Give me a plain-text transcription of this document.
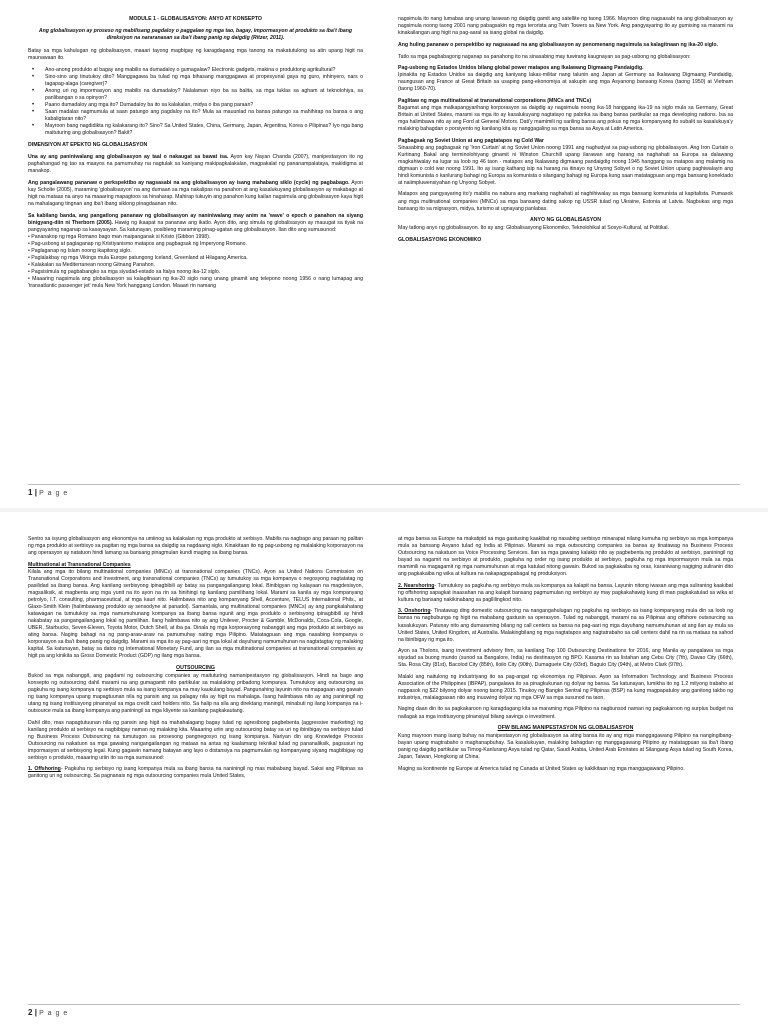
MODULE 1 - GLOBALISASYON: ANYO AT KONSEPTO

Ang globalisasyon ay proseso ng mabilisang pagdaloy o paggalaw ng mga tao, bagay, impormasyon at produkto sa iba't ibang direksiyon na nararanasan sa iba't ibang panig ng daigdig (Ritzer, 2011).

Batay sa mga kahulugan ng globalisasyon, maaari tayong magbigay ng karagdagang mga tanong na makatutulong sa atin upang higit na maunawaan ito.

• Ano-anong produkto at bagay ang mabilis na dumadaloy o gumagalaw? Electronic gadgets, makina o produktong agrikultural?
• Sino-sino ang tinutukoy dito? Manggagawa ba tulad ng mga bihasang manggagawa at propesyunal gaya ng guro, inhinyero, nars o tagapag-alaga (caregiver)?
• Anong uri ng impormasyon ang mabilis na dumadaloy? Nalalaman niyo ba sa balita, sa mga tuklas sa agham at teknolohiya, sa panlibangan o sa opinyon?
• Paano dumadaloy ang mga ito? Dumadaloy ba ito sa kalakalan, midya o iba pang paraan?
• Saan madalas nagmumula at saan patungo ang pagdaloy na ito? Mula sa mauunlad na bansa patungo sa mahihirap na bansa o ang kabaligtaran nito?
• Mayroon bang nagdidikta ng kalakarang ito? Sino? Sa United States, China, Germany, Japan, Argentina, Korea o Pilipinas? Iyo nga bang maituturing ang globalisasyon? Bakit?

DIMENSIYON AT EPEKTO NG GLOBALISASYON

Una ay ang paniniwalang ang globalisasyon ay taal o nakaugat sa bawat isa. Ayon kay Nayan Chanda (2007), manipestasyon ito ng paghahangad ng tao sa maayos na pamumuhay na nagtulak sa kaniyang makipagkalakalan, magpakalat ng pananampalataya, makidigma at manakop.

Ang pangalawang pananaw o perkspektibo ay nagsasabi na ang globalisasyon ay isang mahabang siklo (cycle) ng pagbabago. Ayon kay Scholte (2005), maraming 'globalisasyon' na ang dumaan sa mga nakalipas na panahon at ang kasalukuyang globalisasyon ay makabago at higit na mataas na anyo na maaaring mapagtoos sa hinaharap. Mahirap tukuyin ang panahon kung kailan nagsimula ang globalisasyon kaya higit na mahalagang tingnan ang iba't ibang siklong pinagdaanan nito.

Sa kabilang banda, ang pangatlong pananaw ng globalisasyon ay naniniwalang may anim na 'wave' o epoch o panahon na siyang binigyang-diin ni Therborn (2005). Hawig ng ikaapat na pananaw ang ikatlo. Ayon dito, ang simula ng globalisasyon ay mauugat sa tiyak na pangyayaring naganap sa kasaysayan. Sa katunayan, posibleng maraming pinag-ugatan ang globalisasyon. Ilan dito ang sumusunod:

• Pananakop ng mga Romano bago man maipanganak si Kristo (Gibbon 1998).
• Pag-usbong at paglaganap ng Kristiyanismo matapos ang pagbagsak ng Imperyong Romano.
• Paglaganap ng Islam noong ikapitong siglo.
• Paglalakbay ng mga Vikings mula Europe patungong Iceland, Greenland at Hilagang America.
• Kalakalan sa Mediterranean noong Gitnang Panahon.
• Pagsisimula ng pagbabangko sa mga siyudad-estado sa Italya noong ika-12 siglo.
• Maaaring nagsimula ang globalisasyon sa kalagitnaan ng ika-20 siglo nang unang ginamit ang telepono noong 1956 o nang lumapag ang 'transatlantic passenger jet' mula New York hanggang London. Maaari rin namang

nagsimula ito nang lumabas ang unang larawan ng daigdig gamit ang satellite ng taong 1966. Mayroon ding nagsasabi na ang globalisasyon ay nagsimula noong taong 2001 nang pabagsakin ng mga terorista ang Twin Towers sa New York. Ang pangyayaring ito ay gumising sa marami na kinakailangan ang higit na pag-aaral sa isang global na daigdig.

Ang huling pananaw o perspektibo ay nagsasaad na ang globalisasyon ay penomenang nagsimula sa kalagitnaan ng ika-20 siglo.

Tatlo sa mga pagbabagong naganap sa panahong ito na sinasabing may tuwirang kaugnayan sa pag-usbong ng globalisasyon:

Pag-usbong ng Estados Unidos bilang global power matapos ang Ikalawang Digmaang Pandaigdig.

Ipinakita ng Estados Unidos sa daigdig ang kaniyang lakas-militar nang talunin ang Japan at Germany sa Ikalawang Digmaang Pandaidig, naungusan ang France at Great Britain sa usaping pang-ekonomiya at sakupin ang mga Asyanong bansang Korea (taong 1950) at Vietnam (taong 1960-70).

Paglitaw ng mga multinational at transnational corporations (MNCs and TNCs)

Bagamat ang mga malkapangyarihang korporasyon sa daigdig ay nagsimula noong ika-18 hanggang ika-19 na siglo mula sa Germany, Great Britain at United States, marami sa mga ito ay kasalukuyang nagtatayo ng pabrika sa ibang bansa partikular sa mga developing nations. Isa sa mga halimbawa nito ay ang Ford at General Motors. Dati'y mamimili ng sariling bansa ang pokus ng mga kompanyang ito subalit sa kasalukuya'y malaking bahagdan o porsiyento ng kanilang kita ay nanggagaling sa mga bansa sa Asya at Latin America.

Pagbagsak ng Soviet Union at ang pagtatapos ng Cold War

Sinasabing ang pagbagsak ng 'Iron Curtain' at ng Soviet Union noong 1991 ang naghudyat sa pag-usbong ng globalisasyon. Ang Iron Curtain o Kurtinang Bakal ang terminolohiyang ginamit ni Winston Churchill upang ilarawan ang harang na naghahati sa Europa sa dalawang magkahiwalay na lugar sa loob ng 46 taon - matapos ang Ikalawang digmaang pandaigdig noong 1945 hanggang sa matapos ang malamig na digmaan o cold war noong 1991. Ito ay isang kathang isip na harang na itinayo ng Unyong Sobyet o ng Soviet Union upang paghiwalayin ang hindi komunista o kanlurang bahagi ng Europa sa komunista o silangang bahagi ng Europa kung saan matatagpuan ang mga bansang konektado at naiimpluwensiyahan ng Unyong Sobyet.

Matapos ang pangyayaring ito'y mabilis na nabura ang markang naghahati at naghihiwalay sa mga bansang komunista at kapitalista. Pumasok ang mga multinational companies (MNCs) sa mga bansang dating sakop ng USSR tulad ng Ukraine, Estonia at Latvia. Nagbukas ang mga bansang ito sa migrasyon, midya, turismo at ugnayang panlabas.

ANYO NG GLOBALISASYON

May tatlong anyo ng globalisasyon. Ito ay ang: Globalisasyong Ekonomiko, Teknolohikal at Sosyo-Kultural, at Politikal.

GLOBALISASYONG EKONOMIKO

1 | P a g e

Sentro sa isyung globalisasyon ang ekonomiya na umiinog sa kalakalan ng mga produkto at serbisyo. Mabilis na nagbago ang paraan ng palitan ng mga produkto at serbisyo sa pagitan ng mga bansa sa daigdig sa nagdaang siglo. Kinakitaan ito ng pag-usbong ng malalaking korporasyon na ang operasyon ay natatuon hindi lamang sa bansang pinagmulan kundi maging sa ibang bansa.

Multinational at Transnational Companies

Kilala ang mga ito bilang multinational companies (MNCs) at transnational companies (TNCs). Ayon sa United Nations Commission on Transnational Corporations and Investment, ang transnational companies (TNCs) ay tumutukoy sa mga kompanya o negosyong nagtatatag ng pasilidad sa ibang bansa. Ang kanilang serbisyong ipinagbibili ay batay sa pangangailangang lokal. Binibigyan ng kalayaan na magdesisyon, magsaliksik, at magbenta ang mga yunit na ito ayon na rin sa hinihingi ng kanilang pamilihang lokal. Marami sa kanila ay mga kompanyang petrolyo, I.T. consulting, pharmaceutical, at mga kauri nito. Halimbawa nito ang kompanyang Shell, Accenture, TELUS International Phils., at Glaxo-Smith Klein (halimbawang produkto ay sensodyne at panadol). Samantala, ang multinational companies (MNCs) ay ang pangkalahatang katawagan na tumutukoy sa mga namumuhunang kompanya sa ibang bansa ngunit ang mga produkto o serbisyong ipinagbibili ay hindi nakabatay sa pangangailangang lokal ng pamilihan. Ilang halimbawa nito ay ang Unilever, Procter & Gamble, McDonalds, Coca-Cola, Google, UBER, Starbucks, Seven-Eleven, Toyota Motor, Dutch Shell, at iba pa. Dinala ng mga korporasyong nabanggit ang mga produkto at serbisyo sa ating bansa. Naging bahagi na ng pang-araw-araw na pamumuhay nating mga Pilipino. Matatagpuan ang mga nasabing kompanya o korporasyon sa iba't ibang panig ng daigdig. Marami sa mga ito ay pag-aari ng mga lokal at dayuhang namumuhunan na nagtatagtay ng malaking kapital. Sa katunayan, batay sa datos ng International Monetary Fund, ang ilan sa mga multinational companies at transnational companies ay higit pa ang kinikita sa Gross Domestic Product (GDP) ng ilang mga bansa.

OUTSOURCING

Bukod sa mga nabanggit, ang pagdami ng outsourcing companies ay maituturing namanipestasyon ng globalisasyon. Hindi na bago ang konsepto ng outsourcing dahil marami na ang gumagamit nito partikular sa malalaking pribadong kompanya. Tumutukoy ang outsourcing sa pagkuha ng isang kompanya ng serbisyo mula sa isang kompanya na may kaukulang bayad. Pangunahing layunin nito na mapagaan ang gawain ng isang kompanya upang mapagtuunan nila ng pansin ang sa palagay nila ay higit na mahalaga. Isang halimbawa nito ay ang paniningil ng utang ng isang institusyong pinansiyal sa mga credit card holders nito. Sa halip na sila ang direktang maningil, minabuti ng ilang kompanya na i-outsource mula sa ibang kompanya ang paniningil sa mga kliyente sa kanilang pagkakautang.

Dahil dito, mas napagtutuunan nila ng pansin ang higit na mahahalagang bagay tulad ng agresibong pagbebenta (aggressive marketing) ng kanilang produkto at serbisyo na nagbibigay naman ng malaking kita. Maaaring uriin ang outsourcing batay sa uri ng ibinibigay na serbisyo tulad ng Business Process Outsourcing na tumutugon sa prosesong pangnegosyo ng isang kompanya. Nariyan din ang Knowledge Process Outsourcing na nakatuon sa mga gawaing nangangailangan ng mataas na antas ng kaalamang teknikal tulad ng pananaliksik, pagsusuri ng impormasyon at serbisyong legal. Kung gagawin namang batayan ang layo o distansiya na pagmumulan ng kompanyang siyang magbibigay ng serbisyo o produkto, maaaring uriin ito sa mga sumusunod:

1. Offshoring- Pagkuha ng serbisyo ng isang kompanya mula sa ibang bansa na naniningil ng mas mababang bayad. Saksi ang Pilipinas sa ganitong uri ng outsourcing. Sa pagnanais ng mga outsourcing companies mula United States,

at mga bansa sa Europe na makatipid sa mga gastusing kaakibat ng nasabing serbisyo minarapat nilang kumuha ng serbisyo sa mga kompanya mula sa bansang Asyano tulad ng India at Pilipinas. Marami sa mga outsourcing companies sa bansa ay tinatawag na Business Process Outsourcing na nakatuon sa Voice Processing Services. Ilan sa mga gawaing kalakip nito ay pagbebenta ng produkto at serbisyo, paniningil ng bayad sa nagamit na serbisyo at produkto, pagkuha ng order ng isang produkto at serbisyo, pagkuha ng mga impormasyon mula sa mga mamimili na magagamit ng mga namumuhunan at mga katulad nitong gawain. Bukod sa pagkakaiba ng oras, karaniwang nagiging suliranin dito ang pagkakaiba ng wika at kultura na nakapagpapabagal ng produksiyon.

2. Nearshoring- Tumutukoy sa pagkuha ng serbisyo mula sa kompanya sa kalapit na bansa. Layunin nitong iwasan ang mga suliraning kaakibat ng offshoring sapagkat inaasahan na ang kalapit bansang pagmumulan ng serbisyo ay may pagkakahawig kung di man pagkakatulad sa wika at kultura ng bansang nakikinabang sa pagllilingkod nito.

3. Onshoring- Tinatawag ding domestic outsourcing na nangangahulugan ng pagkuha ng serbisyo sa isang kompanyang mula din sa loob ng bansa na nagbubunga ng higit na mababang gastusin sa operasyon. Tulad ng nabanggit, marami na sa Pilipinas ang offshore outsourcing sa kasalukuyan. Patunay nito ang dumaraming bilang ng call centers sa bansa na pag-aari ng mga dayuhang namumuhunan at ang ilan ay mula sa United States, United Kingdom, at Australia. Malakingbilang ng mga nagtatapos ang nagtatrabaho sa call centers dahil na rin sa mataas na sahod na ibinibigay ng mga ito.

Ayon sa Tholons, isang investment advisory firm, sa kanilang Top 100 Outsourcing Destinations for 2016, ang Manila ay pangalawa sa mga siyudad sa buong mundo (sunod sa Bangalore, India) na destinasyon ng BPO. Kasama rin sa listahan ang Cebu City (7th), Davao City (66th), Sta. Rosa City (81st), Bacolod City (85th), Iloilo City (90th), Dumaguete City (93rd), Baguio City (94th), at Metro Clark (97th).

Malaki ang naitulong ng industriyang ito sa pag-angat ng ekonomiya ng Pilipinas. Ayon sa Information Technology and Business Process Association of the Philippines (IBPAP), pangalawa ito sa pinagkukunan ng dolyar ng bansa. Sa katunayan, lumikha ito ng 1.2 milyong trabaho at nagpasok ng $22 bilyong dolyar noong taong 2015. Tinukoy ng Bangko Sentral ng Pilipinas (BSP) na kung magpapatuloy ang ganitong takbo ng industriya, malalagpasan nito ang inuuwing dolyar ng mga OFW sa mga susunod na taon.

Naging daan din ito sa pagkakaroon ng karagdagang kita sa maraming mga Pilipino na nagbunsod naman ng pagkakaroon ng surplus budget na nailagak sa mga institusyong pinansiyal bilang savings o investment.

OFW BILANG MANIPESTASYON NG GLOBALISASYON

Kung mayroon mang isang buhay na manipestasyon ng globalisasyon sa ating bansa ito ay ang mga manggagawang Pilipino na nangingibang-bayan upang magtrabaho o maghanapbuhay. Sa kasalukuyan, malaking bahagdan ng manggagawang Pilipino ay matatagpuan sa iba't ibang panig ng daigdig partikular sa Timog-Kanlurang Asya tulad ng Qatar, Saudi Arabia, United Arab Emirates at Silangang Asya tulad ng South Korea, Japan, Taiwan, Hongkong at China.

Maging sa kontinente ng Europe at America tulad ng Canada at United States ay kakikitaan ng mga manggagawang Pilipino.

2 | P a g e
